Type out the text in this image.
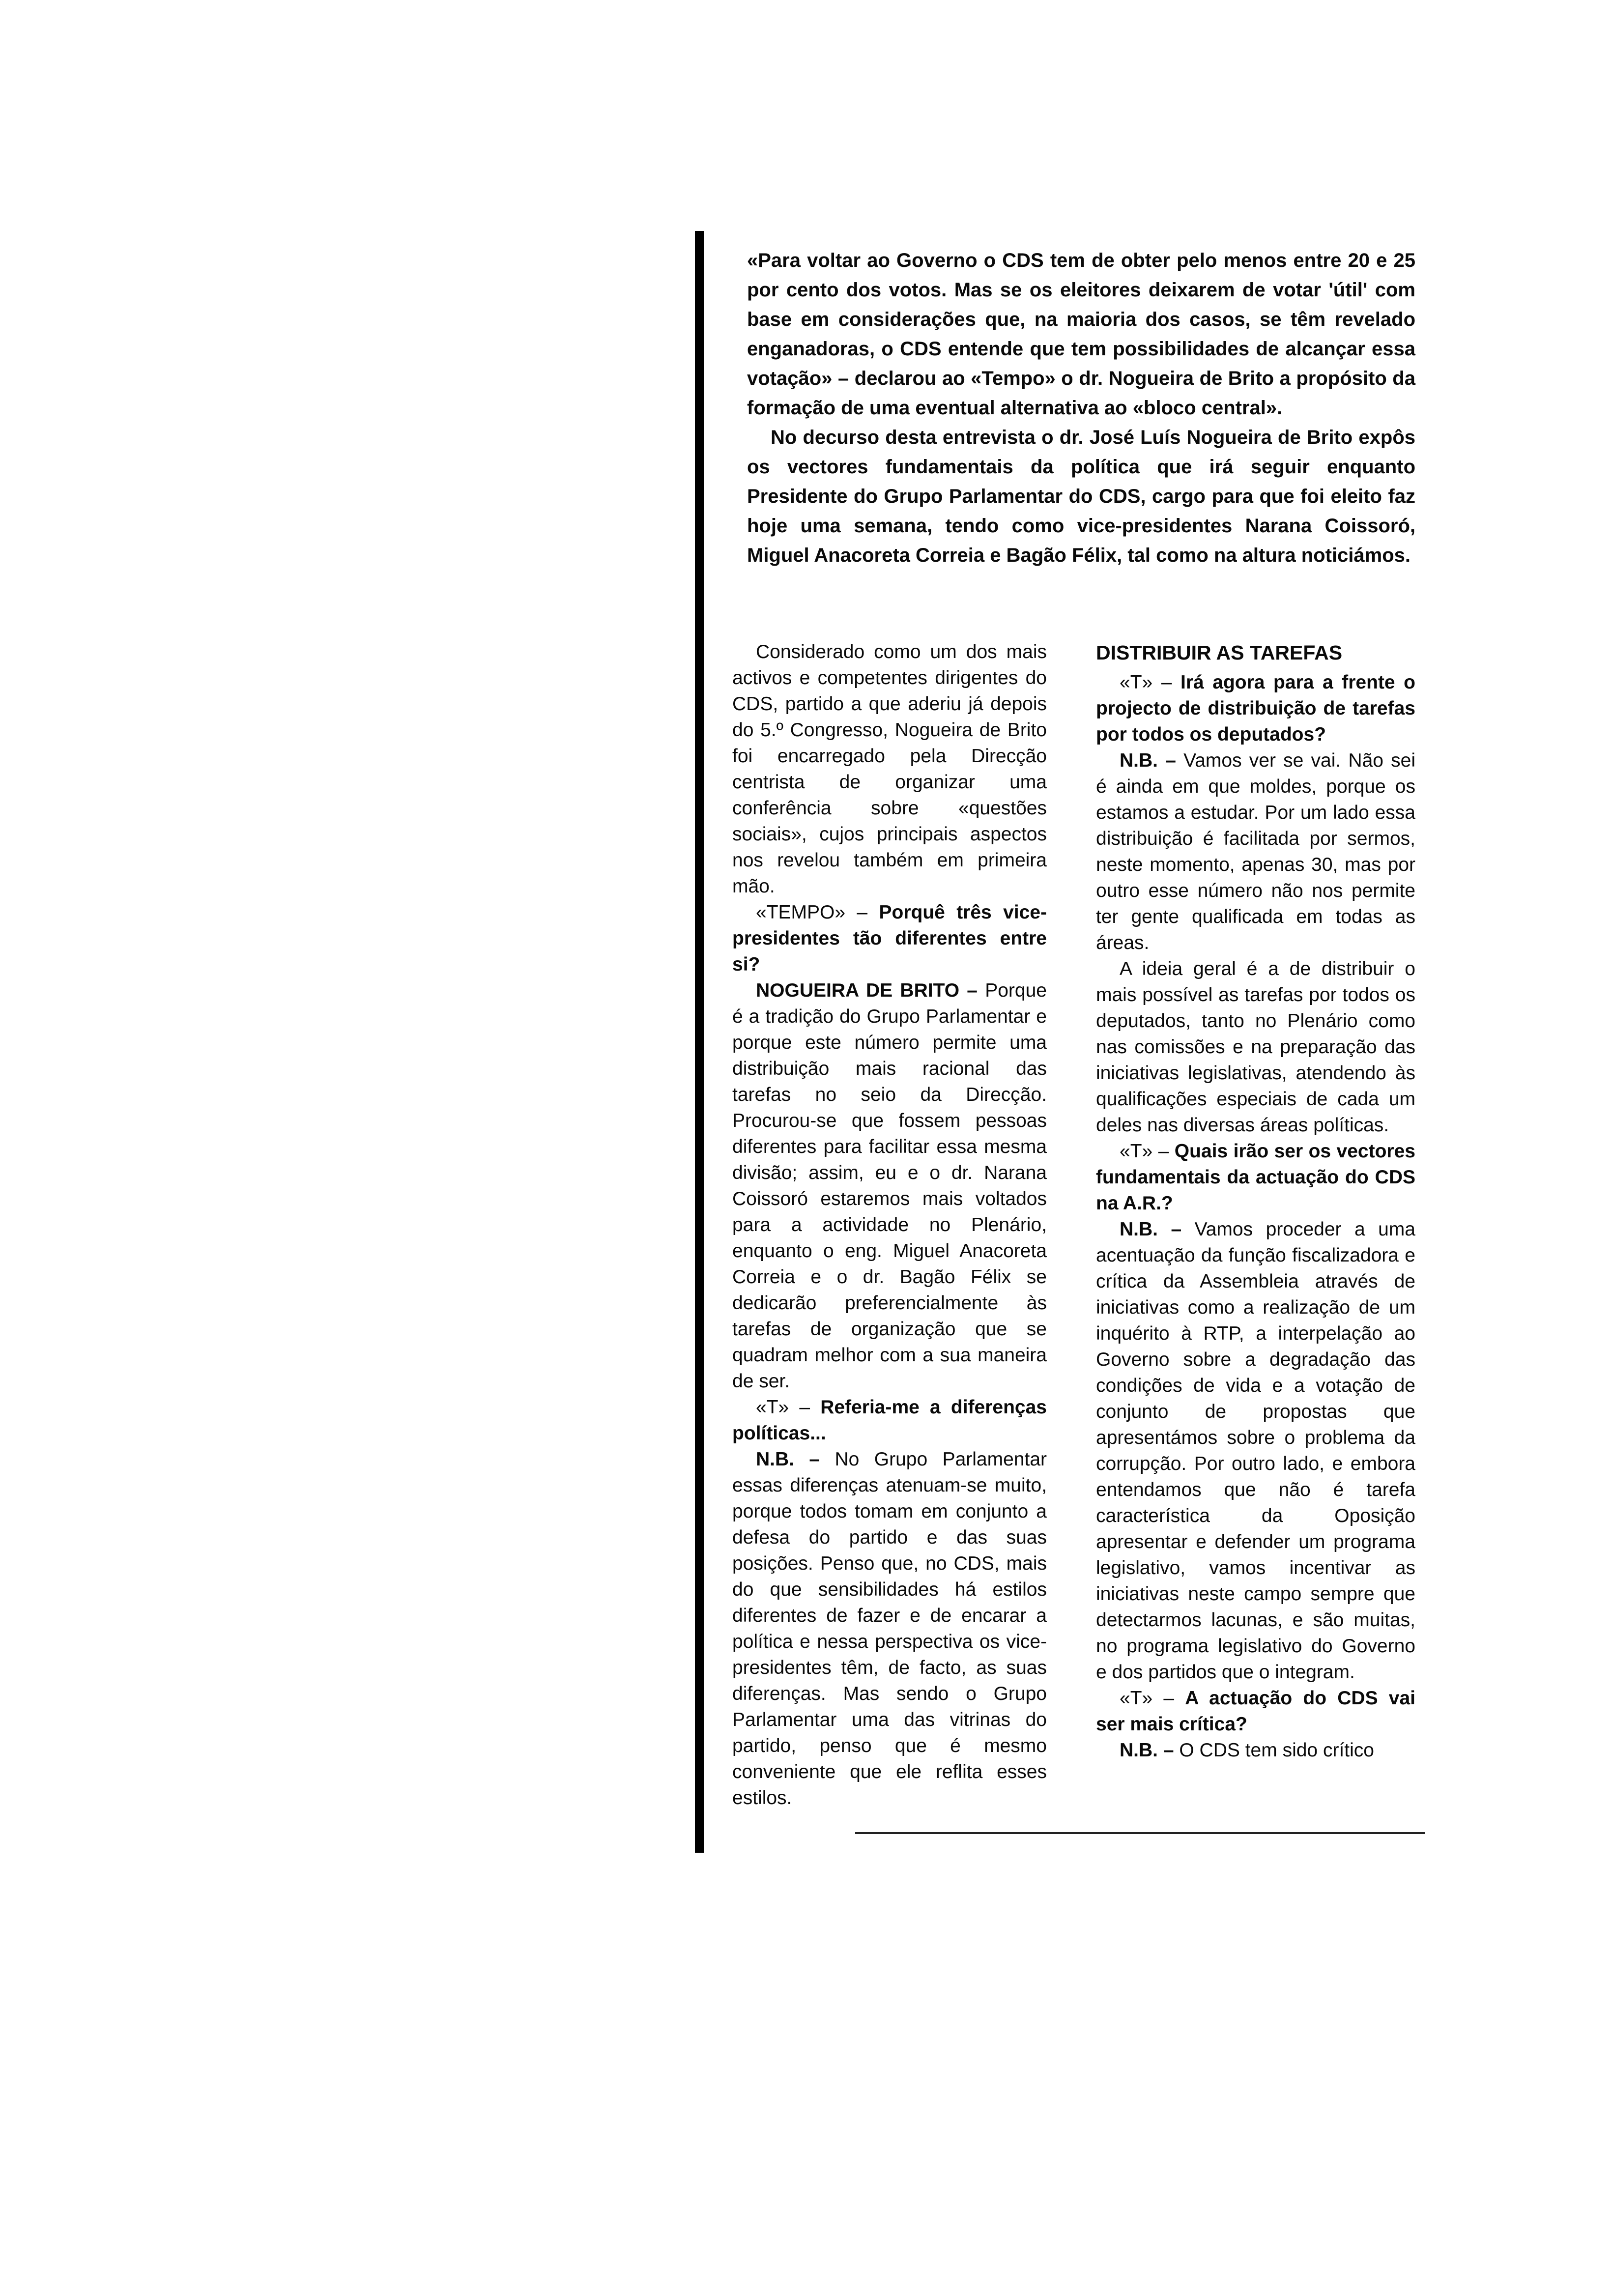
«Para voltar ao Governo o CDS tem de obter pelo menos entre 20 e 25 por cento dos votos. Mas se os eleitores deixarem de votar 'útil' com base em considerações que, na maioria dos casos, se têm revelado enganadoras, o CDS entende que tem possibilidades de alcançar essa votação» – declarou ao «Tempo» o dr. Nogueira de Brito a propósito da formação de uma eventual alternativa ao «bloco central».

No decurso desta entrevista o dr. José Luís Nogueira de Brito expôs os vectores fundamentais da política que irá seguir enquanto Presidente do Grupo Parlamentar do CDS, cargo para que foi eleito faz hoje uma semana, tendo como vice-presidentes Narana Coissoró, Miguel Anacoreta Correia e Bagão Félix, tal como na altura noticiámos.

Considerado como um dos mais activos e competentes dirigentes do CDS, partido a que aderiu já depois do 5.º Congresso, Nogueira de Brito foi encarregado pela Direcção centrista de organizar uma conferência sobre «questões sociais», cujos principais aspectos nos revelou também em primeira mão.

«TEMPO» – Porquê três vice-presidentes tão diferentes entre si?

NOGUEIRA DE BRITO – Porque é a tradição do Grupo Parlamentar e porque este número permite uma distribuição mais racional das tarefas no seio da Direcção. Procurou-se que fossem pessoas diferentes para facilitar essa mesma divisão; assim, eu e o dr. Narana Coissoró estaremos mais voltados para a actividade no Plenário, enquanto o eng. Miguel Anacoreta Correia e o dr. Bagão Félix se dedicarão preferencialmente às tarefas de organização que se quadram melhor com a sua maneira de ser.

«T» – Referia-me a diferenças políticas...

N.B. – No Grupo Parlamentar essas diferenças atenuam-se muito, porque todos tomam em conjunto a defesa do partido e das suas posições. Penso que, no CDS, mais do que sensibilidades há estilos diferentes de fazer e de encarar a política e nessa perspectiva os vice-presidentes têm, de facto, as suas diferenças. Mas sendo o Grupo Parlamentar uma das vitrinas do partido, penso que é mesmo conveniente que ele reflita esses estilos.

DISTRIBUIR AS TAREFAS

«T» – Irá agora para a frente o projecto de distribuição de tarefas por todos os deputados?

N.B. – Vamos ver se vai. Não sei é ainda em que moldes, porque os estamos a estudar. Por um lado essa distribuição é facilitada por sermos, neste momento, apenas 30, mas por outro esse número não nos permite ter gente qualificada em todas as áreas.

A ideia geral é a de distribuir o mais possível as tarefas por todos os deputados, tanto no Plenário como nas comissões e na preparação das iniciativas legislativas, atendendo às qualificações especiais de cada um deles nas diversas áreas políticas.

«T» – Quais irão ser os vectores fundamentais da actuação do CDS na A.R.?

N.B. – Vamos proceder a uma acentuação da função fiscalizadora e crítica da Assembleia através de iniciativas como a realização de um inquérito à RTP, a interpelação ao Governo sobre a degradação das condições de vida e a votação de conjunto de propostas que apresentámos sobre o problema da corrupção. Por outro lado, e embora entendamos que não é tarefa característica da Oposição apresentar e defender um programa legislativo, vamos incentivar as iniciativas neste campo sempre que detectarmos lacunas, e são muitas, no programa legislativo do Governo e dos partidos que o integram.

«T» – A actuação do CDS vai ser mais crítica?

N.B. – O CDS tem sido crítico
